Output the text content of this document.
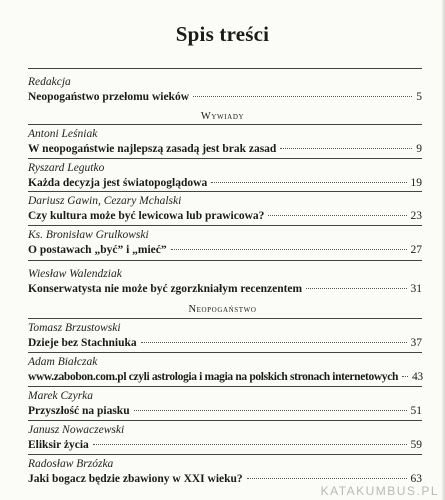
Spis treści
Redakcja
Neopogaństwo przełomu wieków	5
Wywiady
Antoni Leśniak
W neopogaństwie najlepszą zasadą jest brak zasad	9
Ryszard Legutko
Każda decyzja jest światopoglądowa	19
Dariusz Gawin, Cezary Mchalski
Czy kultura może być lewicowa lub prawicowa?	23
Ks. Bronisław Grulkowski
O postawach „być” i „mieć”	27
Wiesław Walendziak
Konserwatysta nie może być zgorzkniałym recenzentem	31
Neopogaństwo
Tomasz Brzustowski
Dzieje bez Stachniuka	37
Adam Białczak
www.zabobon.com.pl czyli astrologia i magia na polskich stronach internetowych 43
Marek Czyrka
Przyszłość na piasku	51
Janusz Nowaczewski
Eliksir życia	59
Radosław Brzózka
Jaki bogacz będzie zbawiony w XXI wieku?	63
KATAKUMBUS.PL
